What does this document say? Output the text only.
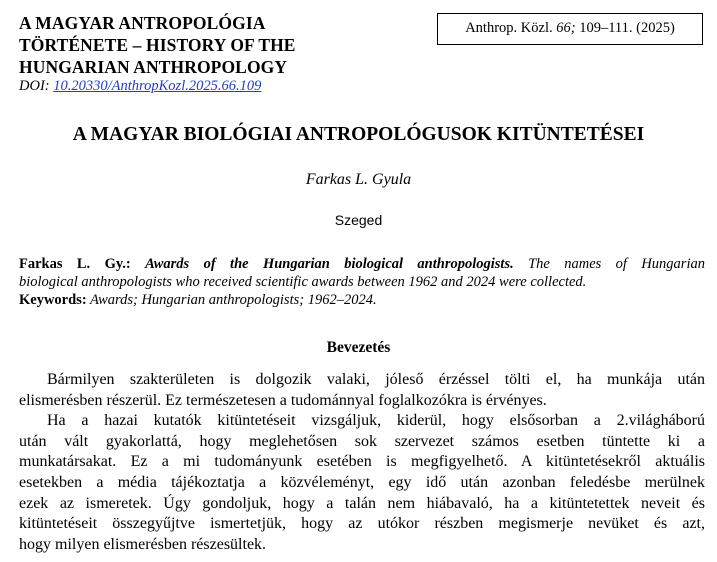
A MAGYAR ANTROPOLÓGIA
TÖRTÉNETE – HISTORY OF THE
HUNGARIAN ANTHROPOLOGY
DOI: 10.20330/AnthropKozl.2025.66.109
Anthrop. Közl. 66; 109–111. (2025)
A MAGYAR BIOLÓGIAI ANTROPOLÓGUSOK KITÜNTETÉSEI
Farkas L. Gyula
Szeged
Farkas L. Gy.: Awards of the Hungarian biological anthropologists. The names of Hungarian
biological anthropologists who received scientific awards between 1962 and 2024 were collected.
Keywords: Awards; Hungarian anthropologists; 1962–2024.
Bevezetés
Bármilyen szakterületen is dolgozik valaki, jóleső érzéssel tölti el, ha munkája után
elismerésben részerül. Ez természetesen a tudománnyal foglalkozókra is érvényes.
Ha a hazai kutatók kitüntetéseit vizsgáljuk, kiderül, hogy elsősorban a 2.világháború
után vált gyakorlattá, hogy meglehetősen sok szervezet számos esetben tüntette ki a
munkatársakat. Ez a mi tudományunk esetében is megfigyelhető. A kitüntetésekről aktuális
esetekben a média tájékoztatja a közvéleményt, egy idő után azonban feledésbe merülnek
ezek az ismeretek. Úgy gondoljuk, hogy a talán nem hiábavaló, ha a kitüntetettek neveit és
kitüntetéseit összegyűjtve ismertetjük, hogy az utókor részben megismerje nevüket és azt,
hogy milyen elismerésben részesültek.
